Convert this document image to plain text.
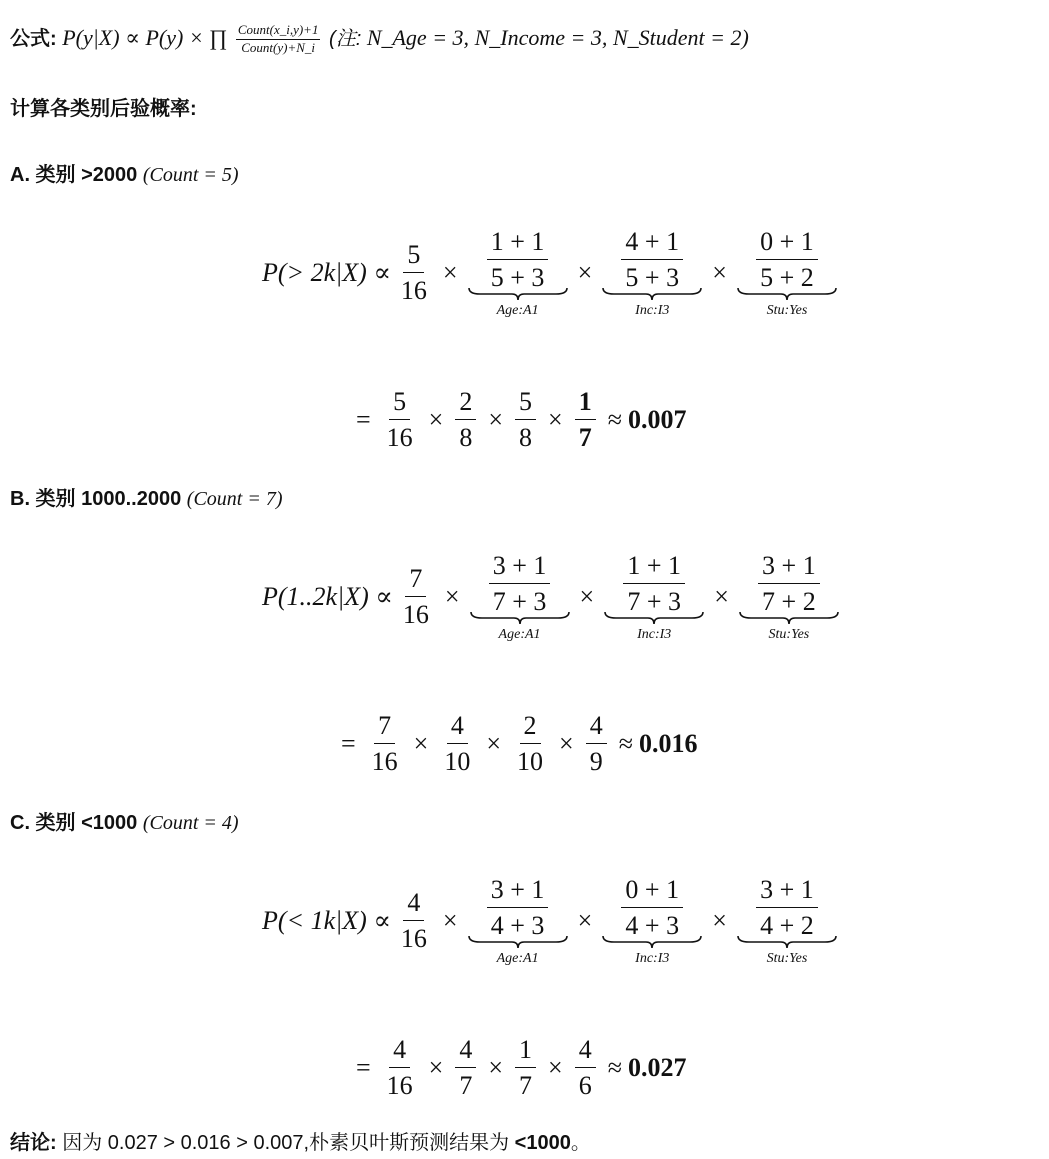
公式: P(y|X) ∝ P(y) × ∏ $\frac{\text{Count(x\_i,y)+1}}{\text{Count(y)+N\_i}}$ (注: N_Age = 3, N_Income = 3, N_Student = 2)
计算各类别后验概率:
A. 类别 >2000 (Count = 5)
$P(> 2k|X) \propto \frac{5}{16} \times \frac{1 + 1}{5 + 3}$
Age:A1
× $\frac{4 + 1}{5 + 3}$
Inc:I3
× $\frac{0 + 1}{5 + 2}$
Stu:Yes
= $\frac{5}{16} \times \frac{2}{8} \times \frac{5}{8} \times \frac{1}{7} \approx 0.007$
B. 类别 1000..2000 (Count = 7)
$P(1..2k|X) \propto \frac{7}{16} \times \frac{3 + 1}{7 + 3}$
Age:A1
× $\frac{1 + 1}{7 + 3}$
Inc:I3
× $\frac{3 + 1}{7 + 2}$
Stu:Yes
= $\frac{7}{16} \times \frac{4}{10} \times \frac{2}{10} \times \frac{4}{9} \approx 0.016$
C. 类别 <1000 (Count = 4)
$P(< 1k|X) \propto \frac{4}{16} \times \frac{3 + 1}{4 + 3}$
Age:A1
× $\frac{0 + 1}{4 + 3}$
Inc:I3
× $\frac{3 + 1}{4 + 2}$
Stu:Yes
= $\frac{4}{16} \times \frac{4}{7} \times \frac{1}{7} \times \frac{4}{6} \approx 0.027$
结论: 因为 0.027 > 0.016 > 0.007,朴素贝叶斯预测结果为 <1000。
